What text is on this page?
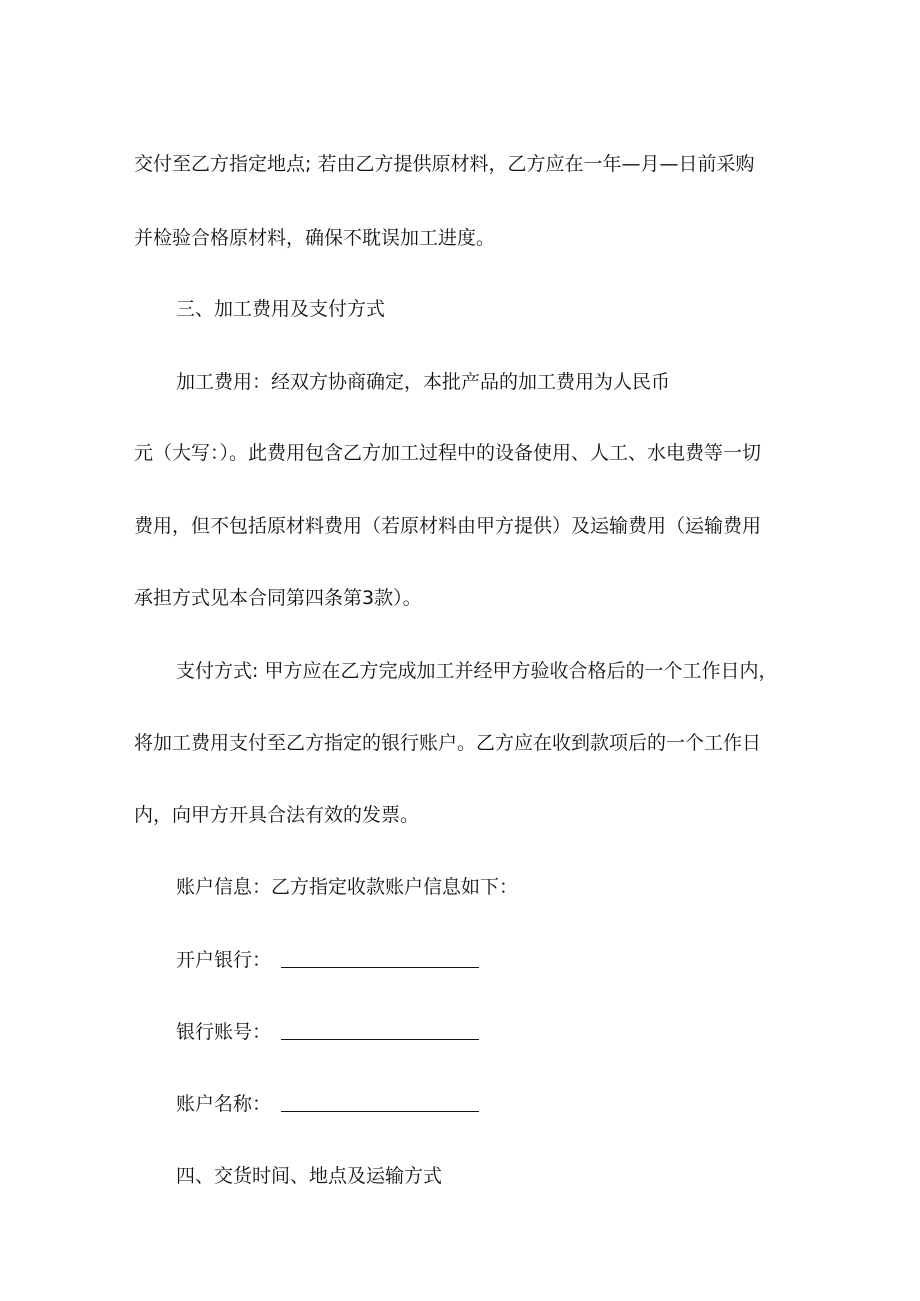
交付至乙方指定地点; 若由乙方提供原材料，乙方应在一年—月—日前采购
并检验合格原材料，确保不耽误加工进度。
三、加工费用及支付方式
加工费用：经双方协商确定，本批产品的加工费用为人民币
元（大写：）。此费用包含乙方加工过程中的设备使用、人工、水电费等一切
费用，但不包括原材料费用（若原材料由甲方提供）及运输费用（运输费用
承担方式见本合同第四条第3款）。
支付方式: 甲方应在乙方完成加工并经甲方验收合格后的一个工作日内，
将加工费用支付至乙方指定的银行账户。乙方应在收到款项后的一个工作日
内，向甲方开具合法有效的发票。
账户信息：乙方指定收款账户信息如下：
开户银行：
银行账号：
账户名称：
四、交货时间、地点及运输方式
